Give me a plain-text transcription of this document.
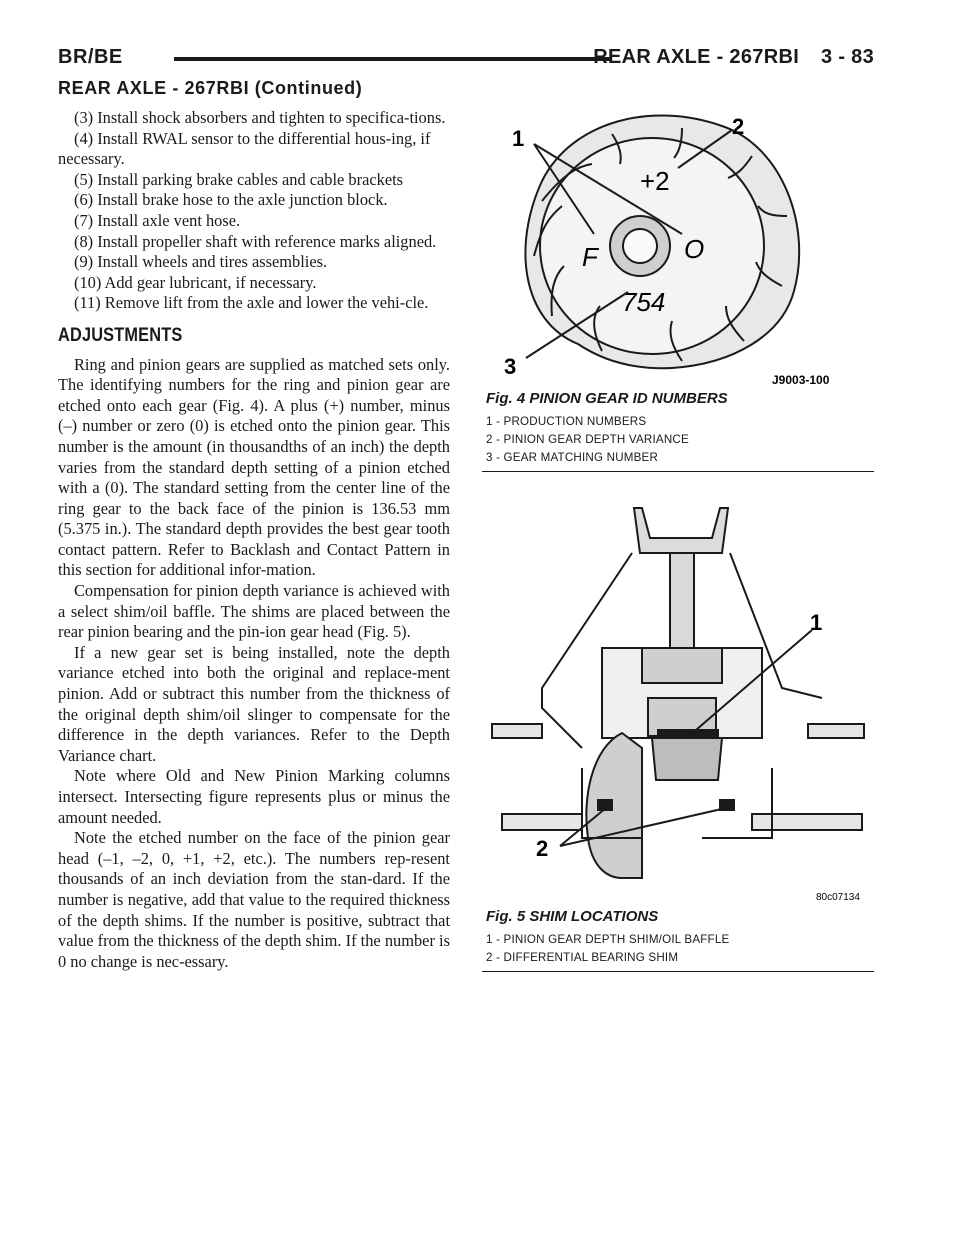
BR/BE	REAR AXLE - 267RBI 3 - 83
REAR AXLE - 267RBI (Continued)

(3) Install shock absorbers and tighten to specifica-tions.

(4) Install RWAL sensor to the differential hous-ing, if necessary.

(5) Install parking brake cables and cable brackets

(6) Install brake hose to the axle junction block.

(7) Install axle vent hose.

(8) Install propeller shaft with reference marks aligned.

(9) Install wheels and tires assemblies.

(10) Add gear lubricant, if necessary.

(11) Remove lift from the axle and lower the vehi-cle.

ADJUSTMENTS

Ring and pinion gears are supplied as matched sets only. The identifying numbers for the ring and pinion gear are etched onto each gear (Fig. 4). A plus (+) number, minus (–) number or zero (0) is etched onto the pinion gear. This number is the amount (in thousandths of an inch) the depth varies from the standard depth setting of a pinion etched with a (0). The standard setting from the center line of the ring gear to the back face of the pinion is 136.53 mm (5.375 in.). The standard depth provides the best gear tooth contact pattern. Refer to Backlash and Contact Pattern in this section for additional infor-mation.

Compensation for pinion depth variance is achieved with a select shim/oil baffle. The shims are placed between the rear pinion bearing and the pin-ion gear head (Fig. 5).

If a new gear set is being installed, note the depth variance etched into both the original and replace-ment pinion. Add or subtract this number from the thickness of the original depth shim/oil slinger to compensate for the difference in the depth variances. Refer to the Depth Variance chart.

Note where Old and New Pinion Marking columns intersect. Intersecting figure represents plus or minus the amount needed.

Note the etched number on the face of the pinion gear head (–1, –2, 0, +1, +2, etc.). The numbers rep-resent thousands of an inch deviation from the stan-dard. If the number is negative, add that value to the required thickness of the depth shims. If the number is positive, subtract that value from the thickness of the depth shim. If the number is 0 no change is nec-essary.

+2
F	O
754
1	2
3
J9003-100
Fig. 4 PINION GEAR ID NUMBERS
1 - PRODUCTION NUMBERS
2 - PINION GEAR DEPTH VARIANCE
3 - GEAR MATCHING NUMBER
1
2
80c07134
Fig. 5 SHIM LOCATIONS
1 - PINION GEAR DEPTH SHIM/OIL BAFFLE
2 - DIFFERENTIAL BEARING SHIM
